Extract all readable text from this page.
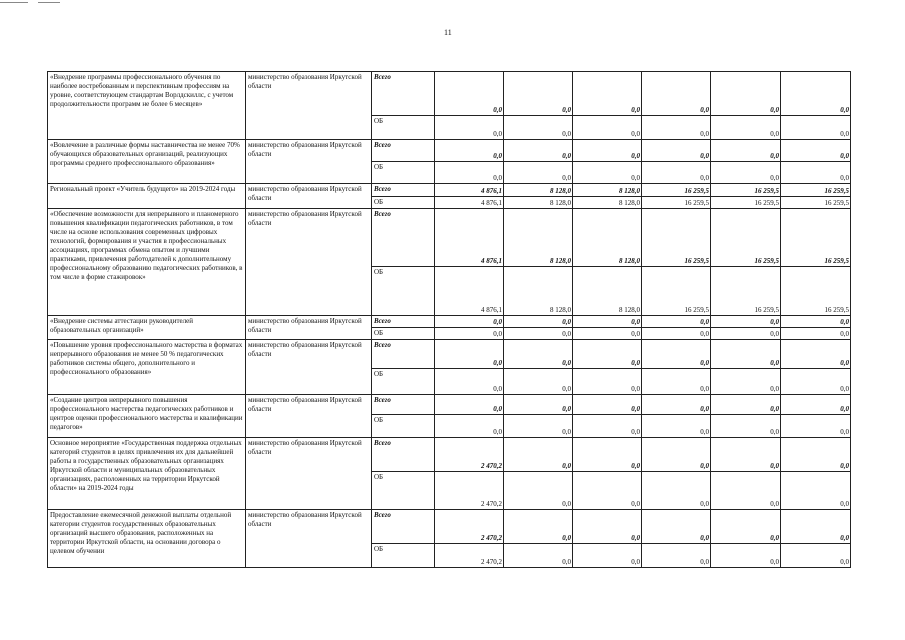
11
«Внедрение программы профессионального обучения по наиболее востребованным и перспективным профессиям на уровне, соответствующем стандартам Ворлдскиллс, с учетом продолжительности программ не более 6 месяцев»	министерство образования Иркутской области	Всего	0,0	0,0	0,0	0,0	0,0	0,0
		ОБ	0,0	0,0	0,0	0,0	0,0	0,0
«Вовлечение в различные формы наставничества не менее 70% обучающихся образовательных организаций, реализующих программы среднего профессионального образования»	министерство образования Иркутской области	Всего	0,0	0,0	0,0	0,0	0,0	0,0
		ОБ	0,0	0,0	0,0	0,0	0,0	0,0
Региональный проект «Учитель будущего» на 2019-2024 годы	министерство образования Иркутской области	Всего	4 876,1	8 128,0	8 128,0	16 259,5	16 259,5	16 259,5
		ОБ	4 876,1	8 128,0	8 128,0	16 259,5	16 259,5	16 259,5
«Обеспечение возможности для непрерывного и планомерного повышения квалификации педагогических работников, в том числе на основе использования современных цифровых технологий, формирования и участия в профессиональных ассоциациях, программах обмена опытом и лучшими практиками, привлечения работодателей к дополнительному профессиональному образованию педагогических работников, в том числе в форме стажировок»	министерство образования Иркутской области	Всего	4 876,1	8 128,0	8 128,0	16 259,5	16 259,5	16 259,5
		ОБ	4 876,1	8 128,0	8 128,0	16 259,5	16 259,5	16 259,5
«Внедрение системы аттестации руководителей образовательных организаций»	министерство образования Иркутской области	Всего	0,0	0,0	0,0	0,0	0,0	0,0
		ОБ	0,0	0,0	0,0	0,0	0,0	0,0
«Повышение уровня профессионального мастерства в форматах непрерывного образования не менее 50 % педагогических работников системы общего, дополнительного и профессионального образования»	министерство образования Иркутской области	Всего	0,0	0,0	0,0	0,0	0,0	0,0
		ОБ	0,0	0,0	0,0	0,0	0,0	0,0
«Создание центров непрерывного повышения профессионального мастерства педагогических работников и центров оценки профессионального мастерства и квалификации педагогов»	министерство образования Иркутской области	Всего	0,0	0,0	0,0	0,0	0,0	0,0
		ОБ	0,0	0,0	0,0	0,0	0,0	0,0
Основное мероприятие «Государственная поддержка отдельных категорий студентов в целях привлечения их для дальнейшей работы в государственных образовательных организациях Иркутской области и муниципальных образовательных организациях, расположенных на территории Иркутской области» на 2019-2024 годы	министерство образования Иркутской области	Всего	2 470,2	0,0	0,0	0,0	0,0	0,0
		ОБ	2 470,2	0,0	0,0	0,0	0,0	0,0
Предоставление ежемесячной денежной выплаты отдельной категории студентов государственных образовательных организаций высшего образования, расположенных на территории Иркутской области, на основании договора о целевом обучении	министерство образования Иркутской области	Всего	2 470,2	0,0	0,0	0,0	0,0	0,0
		ОБ	2 470,2	0,0	0,0	0,0	0,0	0,0
